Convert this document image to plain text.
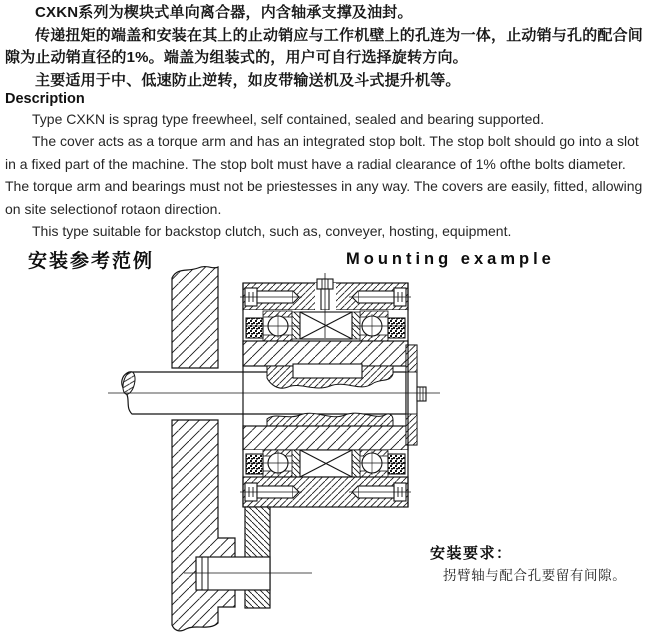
CXKN系列为楔块式单向离合器，内含轴承支撑及油封。

传递扭矩的端盖和安装在其上的止动销应与工作机壁上的孔连为一体，止动销与孔的配合间隙为止动销直径的1%。端盖为组装式的，用户可自行选择旋转方向。

主要适用于中、低速防止逆转，如皮带输送机及斗式提升机等。

Description

Type CXKN is sprag type freewheel, self contained, sealed and bearing supported.

The cover acts as a torque arm and has an integrated stop bolt. The stop bolt should go into a slot in a fixed part of the machine. The stop bolt must have a radial clearance of 1% ofthe bolts diameter. The torque arm and bearings must not be priestesses in any way. The covers are easily, fitted, allowing on site selectionof rotaon direction.

This type suitable for backstop clutch, such as, conveyer, hosting, equipment.

安装参考范例	Mounting example
安装要求：
拐臂轴与配合孔要留有间隙。
